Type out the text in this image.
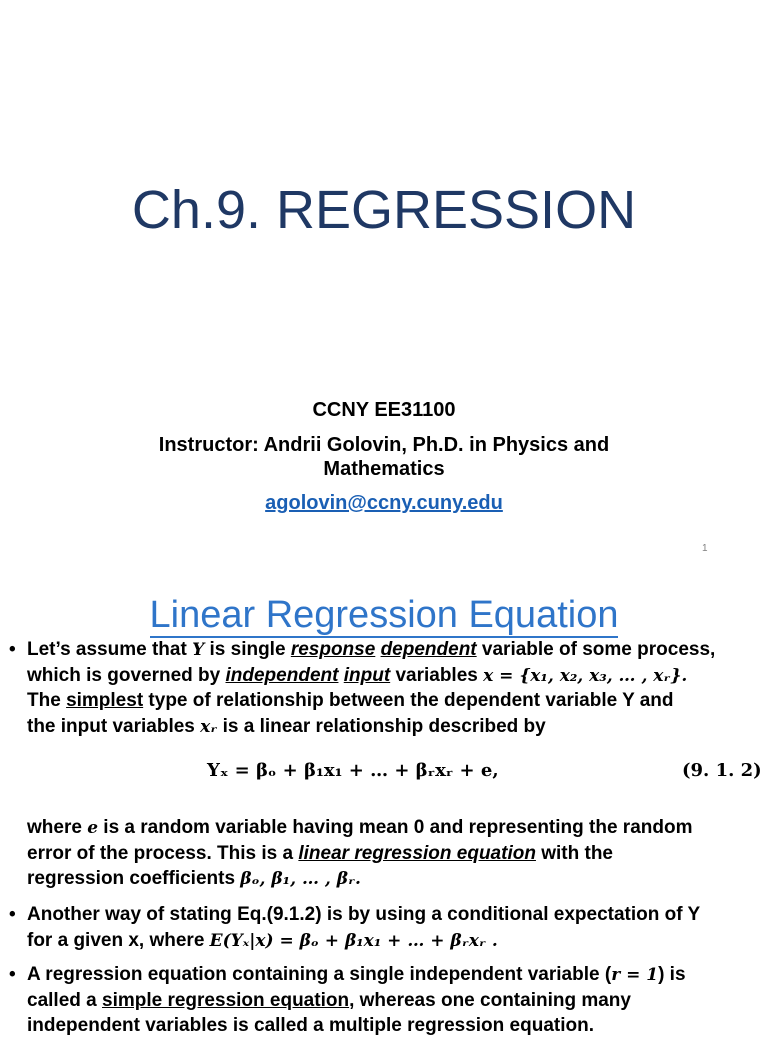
Ch.9. REGRESSION
CCNY EE31100
Instructor: Andrii Golovin, Ph.D. in Physics and
Mathematics
agolovin@ccny.cuny.edu
1
Linear Regression Equation
• Let’s assume that Y is single response dependent variable of some process,
which is governed by independent input variables x = {x₁, x₂, x₃, … , xᵣ}.
The simplest type of relationship between the dependent variable Y and
the input variables xᵣ is a linear relationship described by
Yₓ = βₒ + β₁x₁ + … + βᵣxᵣ + e,	(9. 1. 2)
where e is a random variable having mean 0 and representing the random
error of the process. This is a linear regression equation with the
regression coefficients βₒ, β₁, … , βᵣ.
• Another way of stating Eq.(9.1.2) is by using a conditional expectation of Y
for a given x, where E(Yₓ|x) = βₒ + β₁x₁ + … + βᵣxᵣ .
• A regression equation containing a single independent variable (r = 1) is
called a simple regression equation, whereas one containing many
independent variables is called a multiple regression equation.
